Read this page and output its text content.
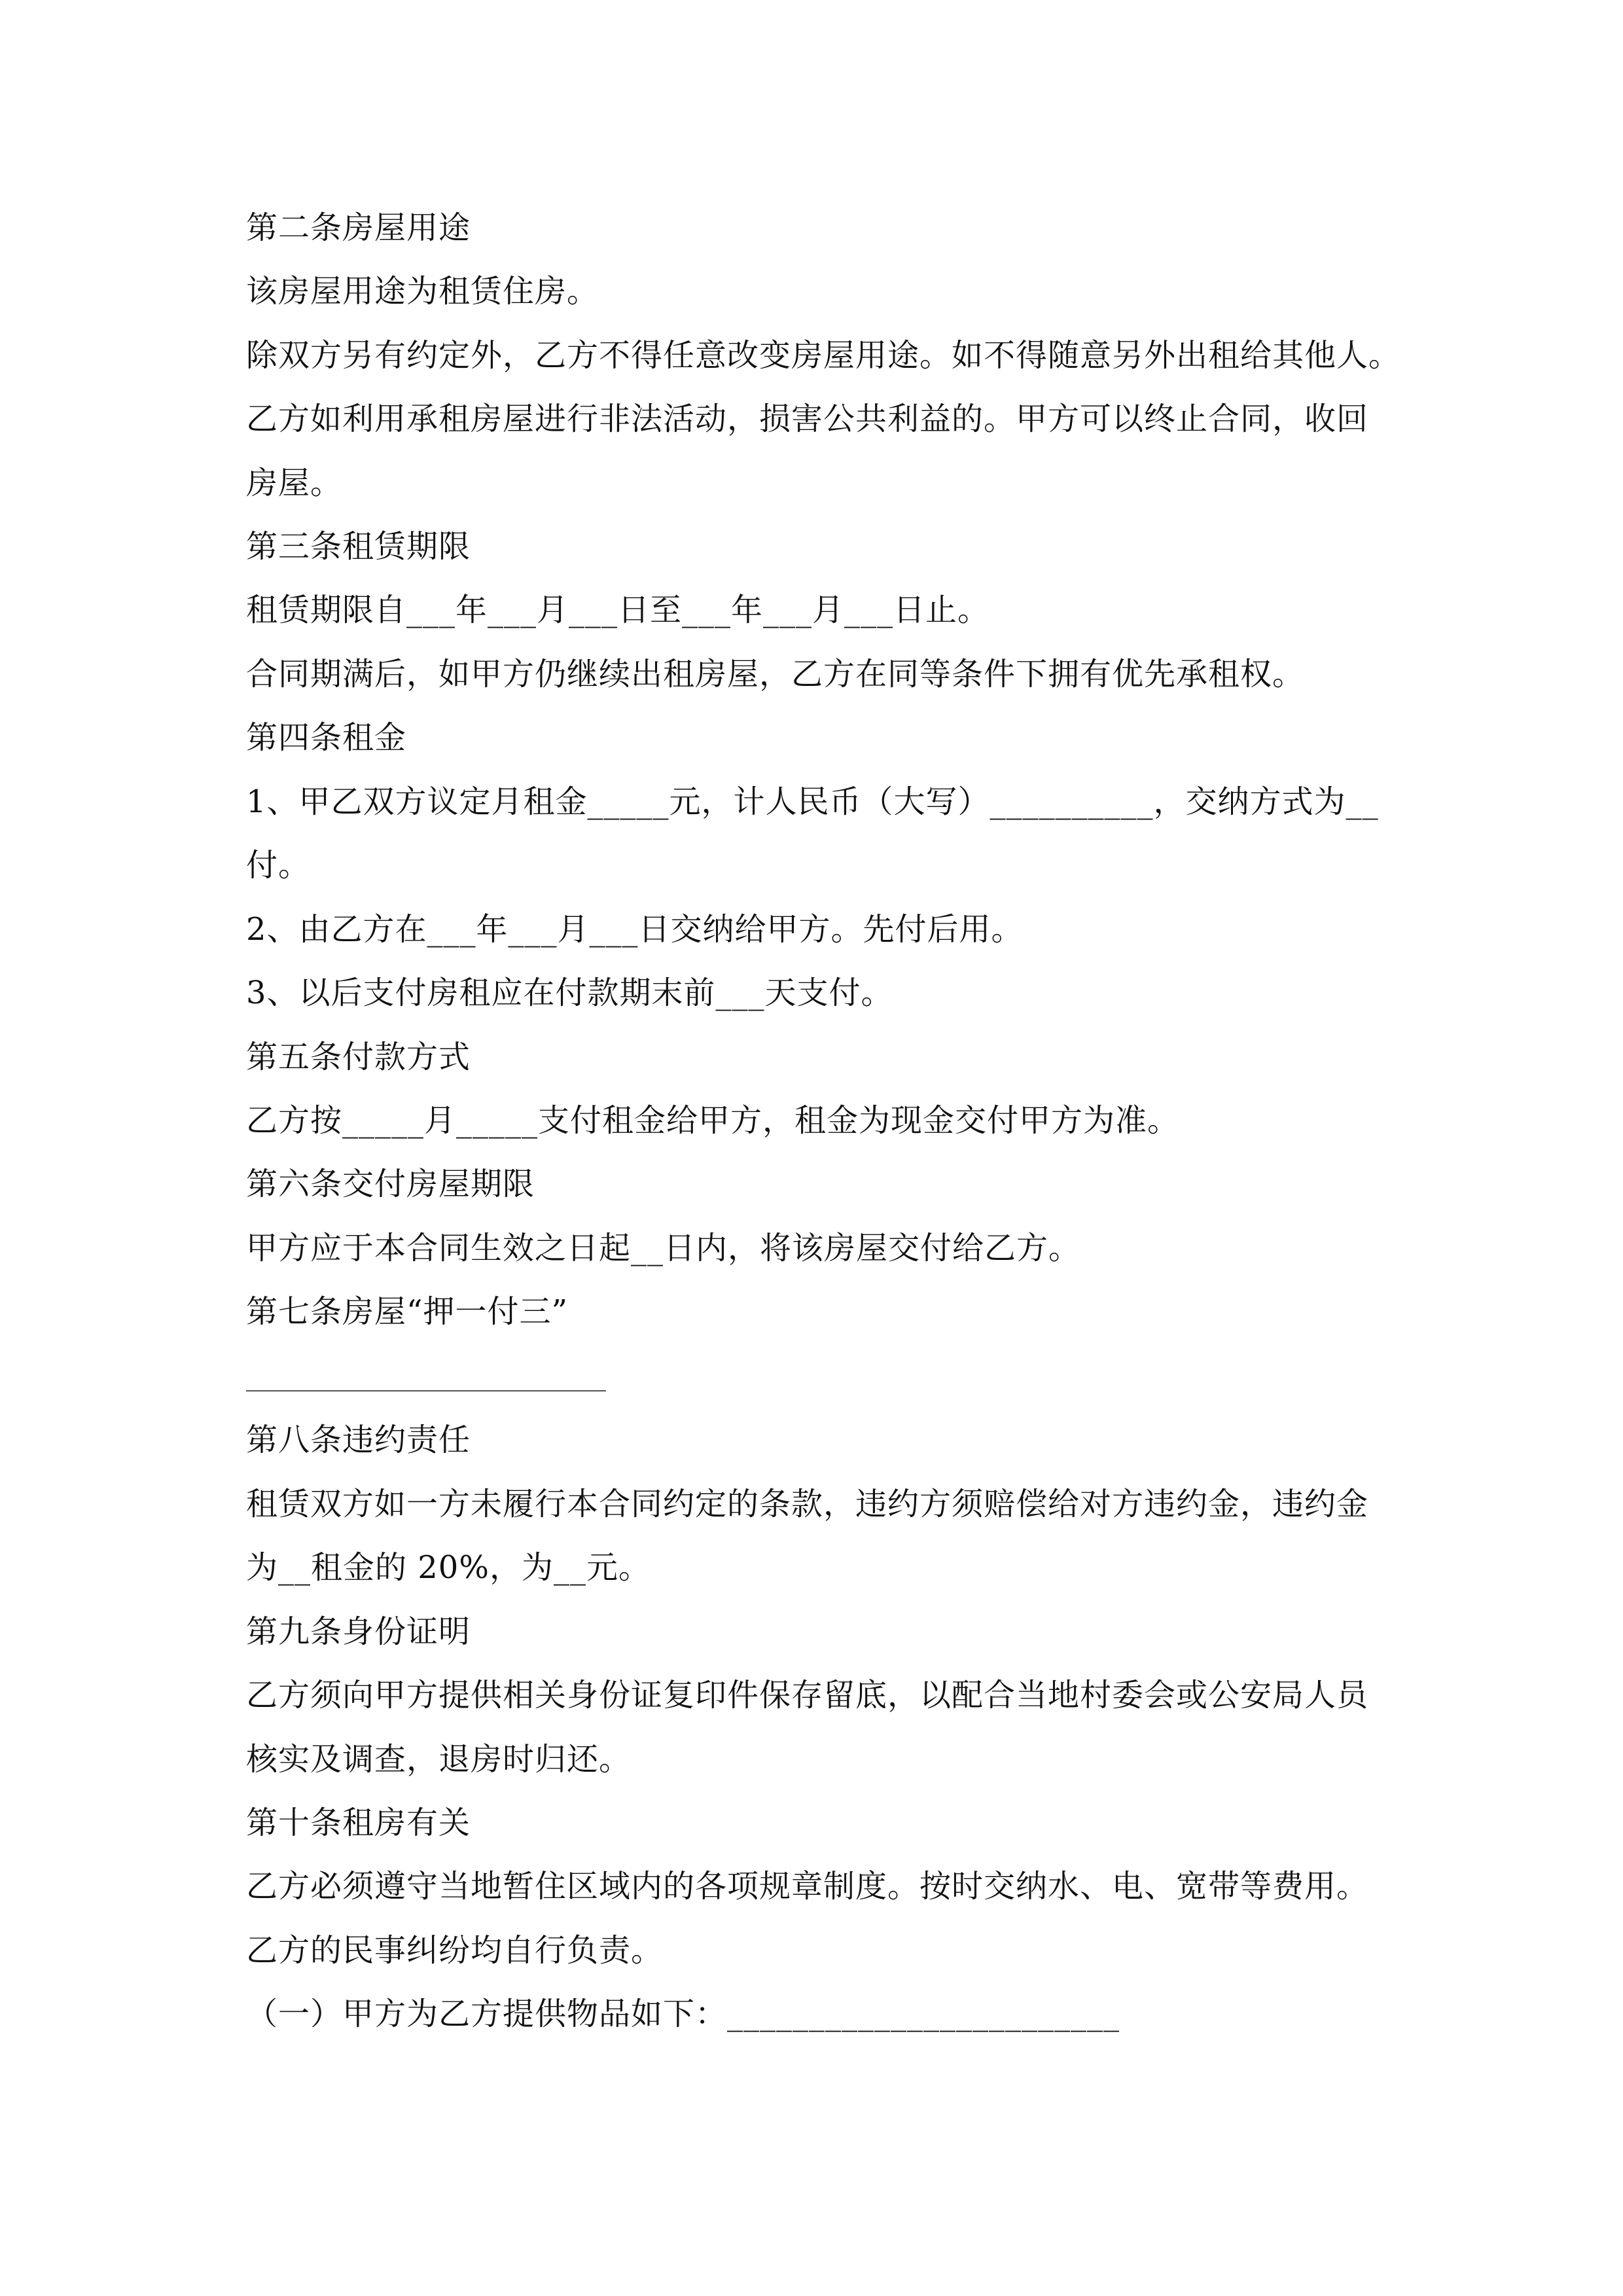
第二条房屋用途
该房屋用途为租赁住房。
除双方另有约定外，乙方不得任意改变房屋用途。如不得随意另外出租给其他人。
乙方如利用承租房屋进行非法活动，损害公共利益的。甲方可以终止合同，收回
房屋。
第三条租赁期限
租赁期限自___年___月___日至___年___月___日止。
合同期满后，如甲方仍继续出租房屋，乙方在同等条件下拥有优先承租权。
第四条租金
1、甲乙双方议定月租金_____元，计人民币（大写）__________，交纳方式为__
付。
2、由乙方在___年___月___日交纳给甲方。先付后用。
3、以后支付房租应在付款期末前___天支付。
第五条付款方式
乙方按_____月_____支付租金给甲方，租金为现金交付甲方为准。
第六条交付房屋期限
甲方应于本合同生效之日起__日内，将该房屋交付给乙方。
第七条房屋“押一付三”
第八条违约责任
租赁双方如一方未履行本合同约定的条款，违约方须赔偿给对方违约金，违约金
为__租金的 20%，为__元。
第九条身份证明
乙方须向甲方提供相关身份证复印件保存留底，以配合当地村委会或公安局人员
核实及调查，退房时归还。
第十条租房有关
乙方必须遵守当地暂住区域内的各项规章制度。按时交纳水、电、宽带等费用。
乙方的民事纠纷均自行负责。
（一）甲方为乙方提供物品如下：________________________
